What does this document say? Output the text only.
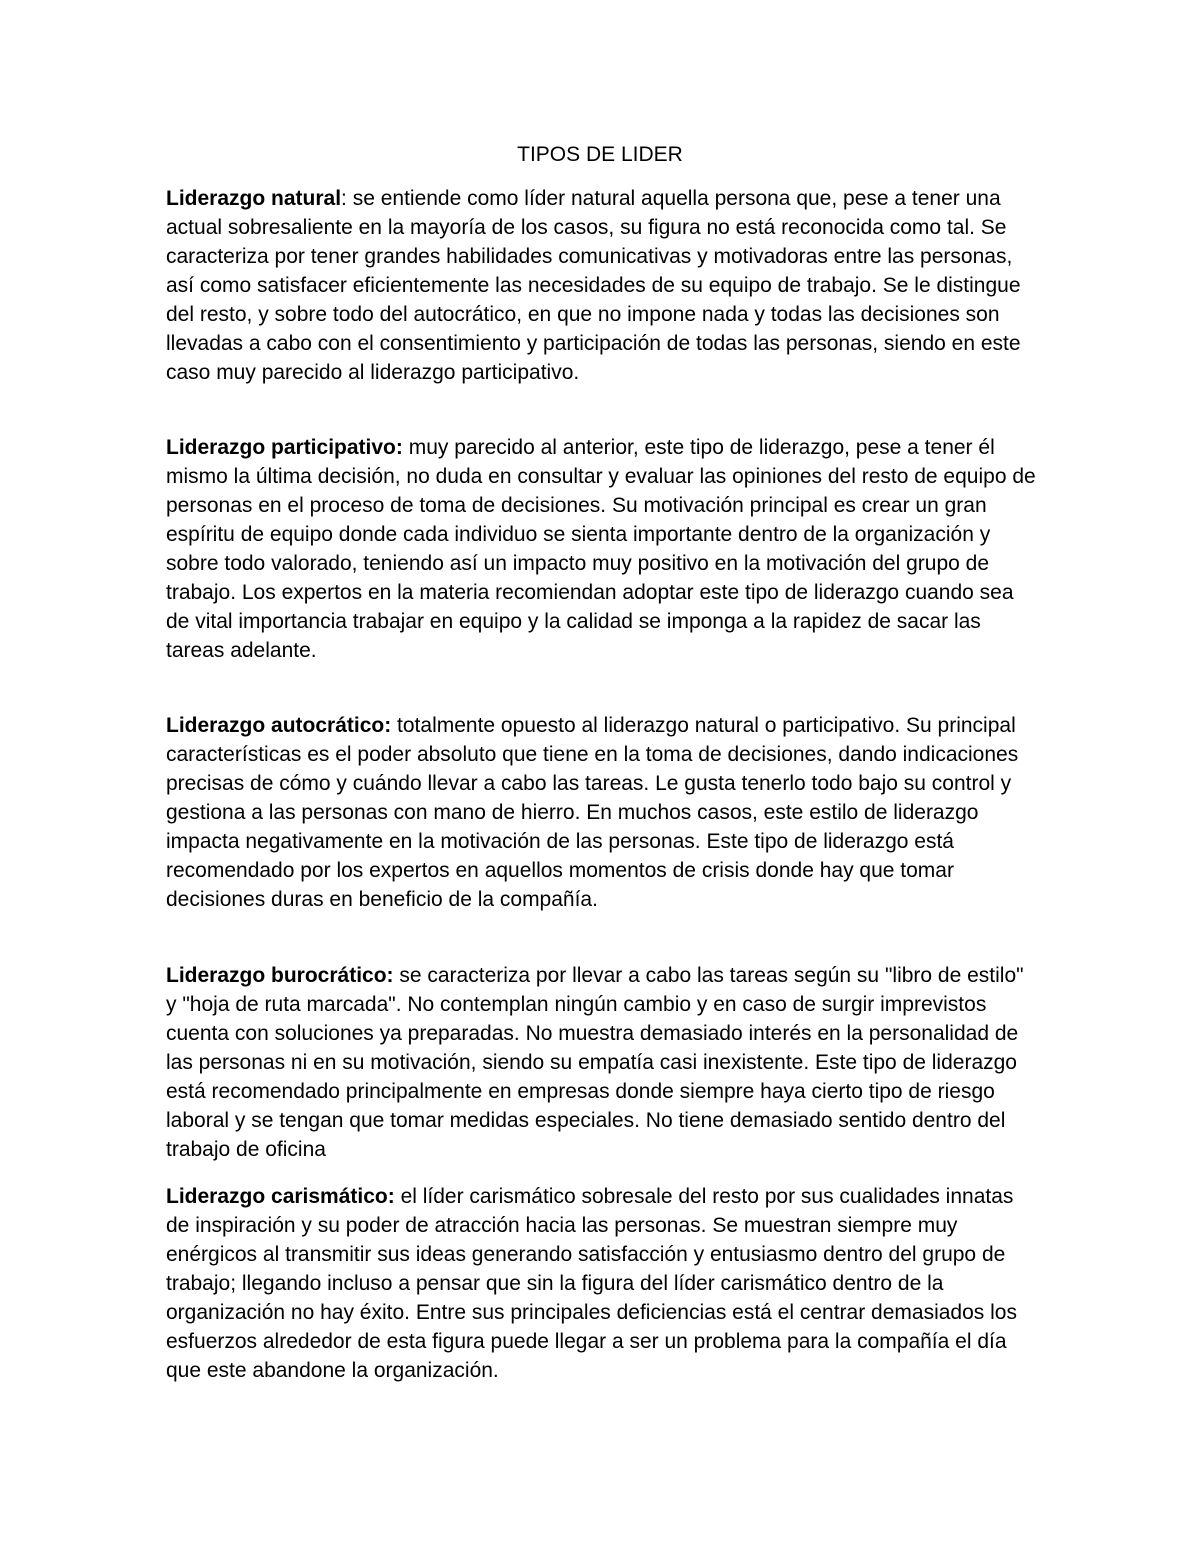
TIPOS DE LIDER

Liderazgo natural: se entiende como líder natural aquella persona que, pese a tener una actual sobresaliente en la mayoría de los casos, su figura no está reconocida como tal. Se caracteriza por tener grandes habilidades comunicativas y motivadoras entre las personas, así como satisfacer eficientemente las necesidades de su equipo de trabajo. Se le distingue del resto, y sobre todo del autocrático, en que no impone nada y todas las decisiones son llevadas a cabo con el consentimiento y participación de todas las personas, siendo en este caso muy parecido al liderazgo participativo.

Liderazgo participativo: muy parecido al anterior, este tipo de liderazgo, pese a tener él mismo la última decisión, no duda en consultar y evaluar las opiniones del resto de equipo de personas en el proceso de toma de decisiones. Su motivación principal es crear un gran espíritu de equipo donde cada individuo se sienta importante dentro de la organización y sobre todo valorado, teniendo así un impacto muy positivo en la motivación del grupo de trabajo. Los expertos en la materia recomiendan adoptar este tipo de liderazgo cuando sea de vital importancia trabajar en equipo y la calidad se imponga a la rapidez de sacar las tareas adelante.

Liderazgo autocrático: totalmente opuesto al liderazgo natural o participativo. Su principal características es el poder absoluto que tiene en la toma de decisiones, dando indicaciones precisas de cómo y cuándo llevar a cabo las tareas. Le gusta tenerlo todo bajo su control y gestiona a las personas con mano de hierro. En muchos casos, este estilo de liderazgo impacta negativamente en la motivación de las personas. Este tipo de liderazgo está recomendado por los expertos en aquellos momentos de crisis donde hay que tomar decisiones duras en beneficio de la compañía.

Liderazgo burocrático: se caracteriza por llevar a cabo las tareas según su "libro de estilo" y "hoja de ruta marcada". No contemplan ningún cambio y en caso de surgir imprevistos cuenta con soluciones ya preparadas. No muestra demasiado interés en la personalidad de las personas ni en su motivación, siendo su empatía casi inexistente. Este tipo de liderazgo está recomendado principalmente en empresas donde siempre haya cierto tipo de riesgo laboral y se tengan que tomar medidas especiales. No tiene demasiado sentido dentro del trabajo de oficina

Liderazgo carismático: el líder carismático sobresale del resto por sus cualidades innatas de inspiración y su poder de atracción hacia las personas. Se muestran siempre muy enérgicos al transmitir sus ideas generando satisfacción y entusiasmo dentro del grupo de trabajo; llegando incluso a pensar que sin la figura del líder carismático dentro de la organización no hay éxito. Entre sus principales deficiencias está el centrar demasiados los esfuerzos alrededor de esta figura puede llegar a ser un problema para la compañía el día que este abandone la organización.
